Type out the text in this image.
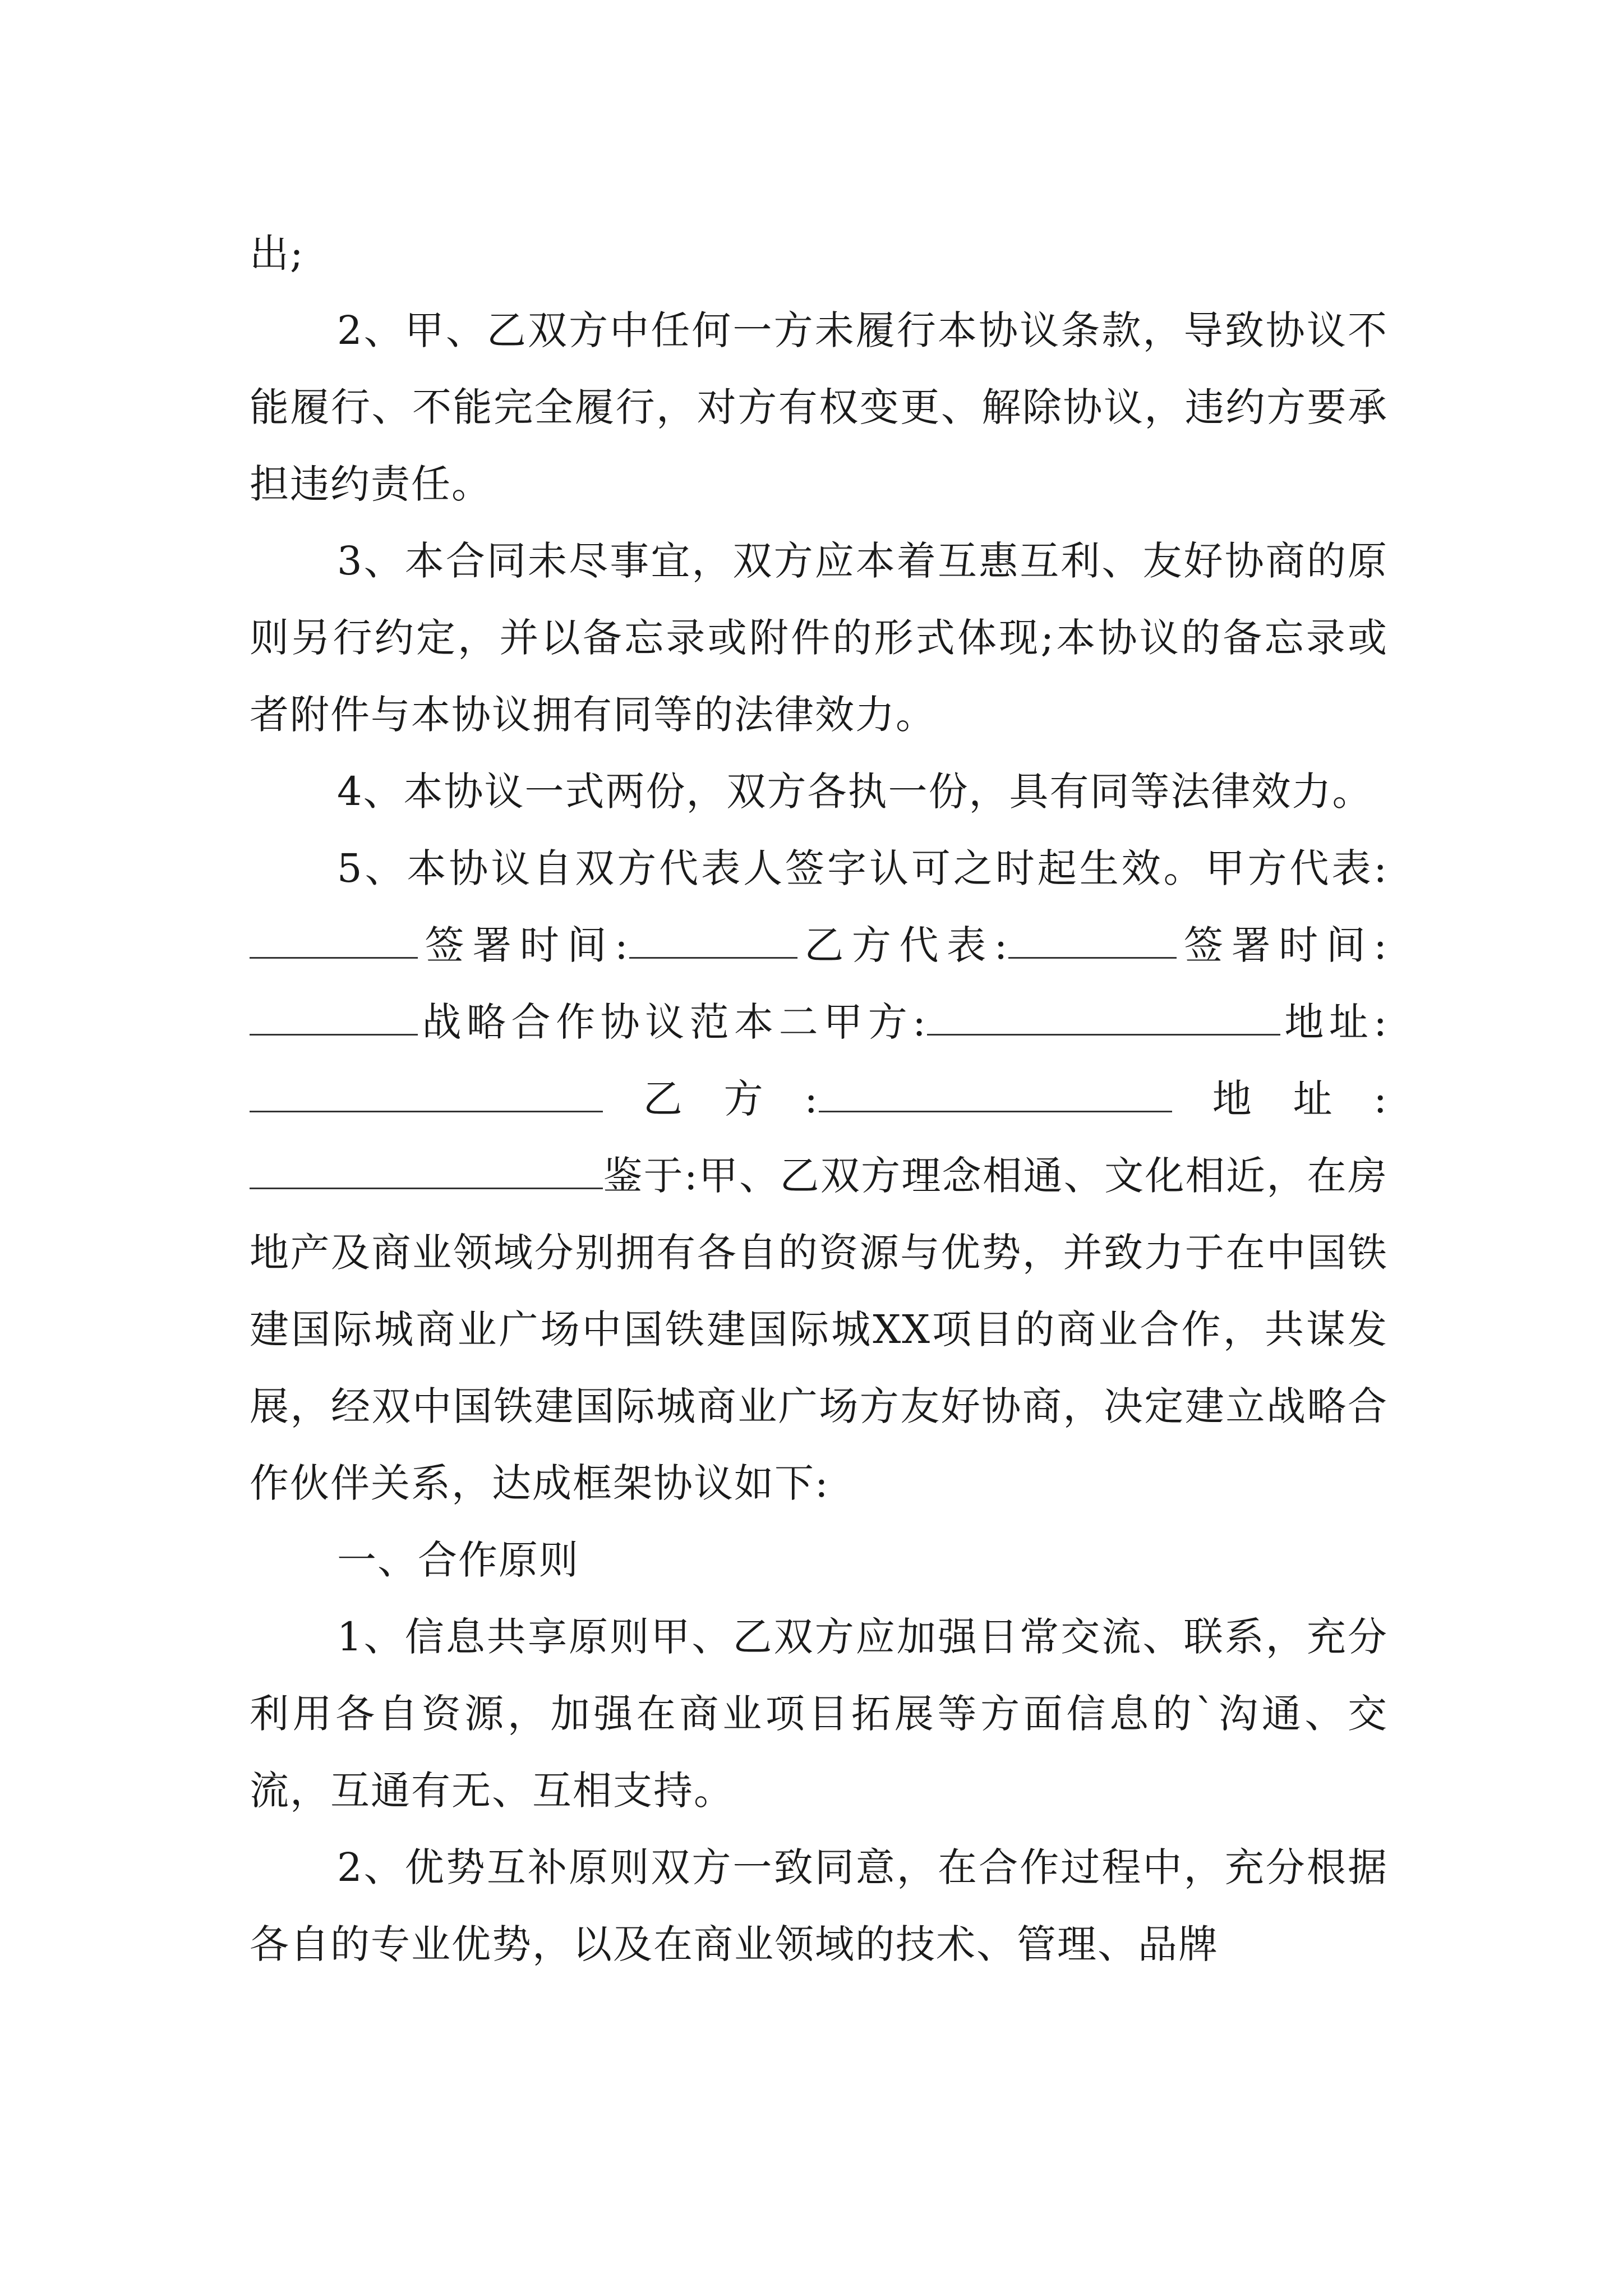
出;

2、甲、乙双方中任何一方未履行本协议条款，导致协议不能履行、不能完全履行，对方有权变更、解除协议，违约方要承担违约责任。

3、本合同未尽事宜，双方应本着互惠互利、友好协商的原则另行约定，并以备忘录或附件的形式体现;本协议的备忘录或者附件与本协议拥有同等的法律效力。

4、本协议一式两份，双方各执一份，具有同等法律效力。

5、本协议自双方代表人签字认可之时起生效。甲方代表:签署时间:	乙方代表:	签署时间:战略合作协议范本二甲方:	地址:乙方:	地址:鉴于:甲、乙双方理念相通、文化相近，在房地产及商业领域分别拥有各自的资源与优势，并致力于在中国铁建国际城商业广场中国铁建国际城XX项目的商业合作，共谋发展，经双中国铁建国际城商业广场方友好协商，决定建立战略合作伙伴关系，达成框架协议如下:

一、合作原则

1、信息共享原则甲、乙双方应加强日常交流、联系，充分利用各自资源，加强在商业项目拓展等方面信息的`沟通、交流，互通有无、互相支持。

2、优势互补原则双方一致同意，在合作过程中，充分根据各自的专业优势，以及在商业领域的技术、管理、品牌
